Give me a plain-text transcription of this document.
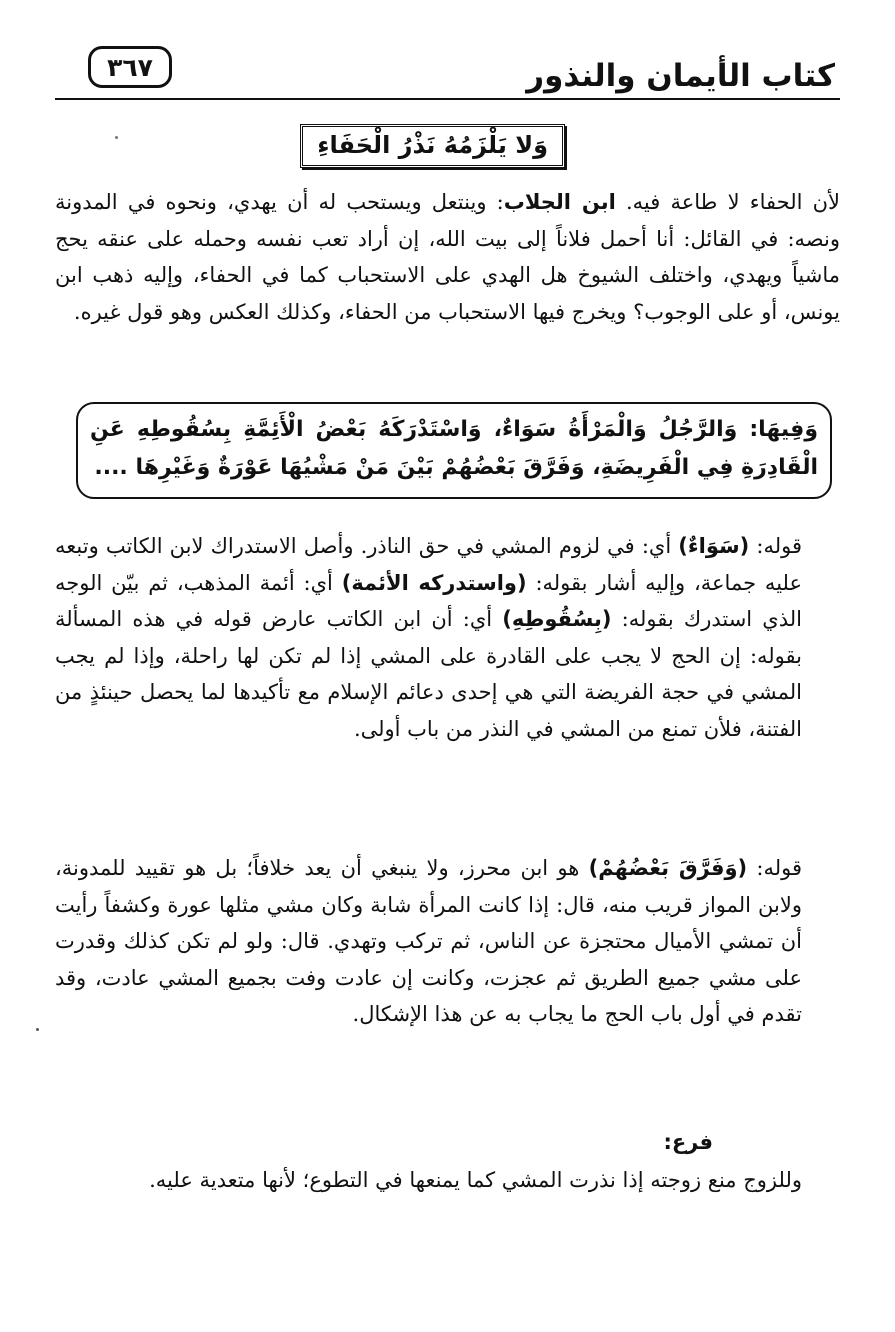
كتاب الأيمان والنذور
٣٦٧
وَلا يَلْزَمُهُ نَذْرُ الْحَفَاءِ
لأن الحفاء لا طاعة فيه. ابن الجلاب: وينتعل ويستحب له أن يهدي، ونحوه في المدونة ونصه: في القائل: أنا أحمل فلاناً إلى بيت الله، إن أراد تعب نفسه وحمله على عنقه يحج ماشياً ويهدي، واختلف الشيوخ هل الهدي على الاستحباب كما في الحفاء، وإليه ذهب ابن يونس، أو على الوجوب؟ ويخرج فيها الاستحباب من الحفاء، وكذلك العكس وهو قول غيره.
وَفِيهَا: وَالرَّجُلُ وَالْمَرْأَةُ سَوَاءٌ، وَاسْتَدْرَكَهُ بَعْضُ الْأَئِمَّةِ بِسُقُوطِهِ عَنِ الْقَادِرَةِ فِي الْفَرِيضَةِ، وَفَرَّقَ بَعْضُهُمْ بَيْنَ مَنْ مَشْيُهَا عَوْرَةٌ وَغَيْرِهَا ....
قوله: (سَوَاءٌ) أي: في لزوم المشي في حق الناذر. وأصل الاستدراك لابن الكاتب وتبعه عليه جماعة، وإليه أشار بقوله: (واستدركه الأئمة) أي: أئمة المذهب، ثم بيّن الوجه الذي استدرك بقوله: (بِسُقُوطِهِ) أي: أن ابن الكاتب عارض قوله في هذه المسألة بقوله: إن الحج لا يجب على القادرة على المشي إذا لم تكن لها راحلة، وإذا لم يجب المشي في حجة الفريضة التي هي إحدى دعائم الإسلام مع تأكيدها لما يحصل حينئذٍ من الفتنة، فلأن تمنع من المشي في النذر من باب أولى.
قوله: (وَفَرَّقَ بَعْضُهُمْ) هو ابن محرز، ولا ينبغي أن يعد خلافاً؛ بل هو تقييد للمدونة، ولابن المواز قريب منه، قال: إذا كانت المرأة شابة وكان مشي مثلها عورة وكشفاً رأيت أن تمشي الأميال محتجزة عن الناس، ثم تركب وتهدي. قال: ولو لم تكن كذلك وقدرت على مشي جميع الطريق ثم عجزت، وكانت إن عادت وفت بجميع المشي عادت، وقد تقدم في أول باب الحج ما يجاب به عن هذا الإشكال.
فرع:
وللزوج منع زوجته إذا نذرت المشي كما يمنعها في التطوع؛ لأنها متعدية عليه.
